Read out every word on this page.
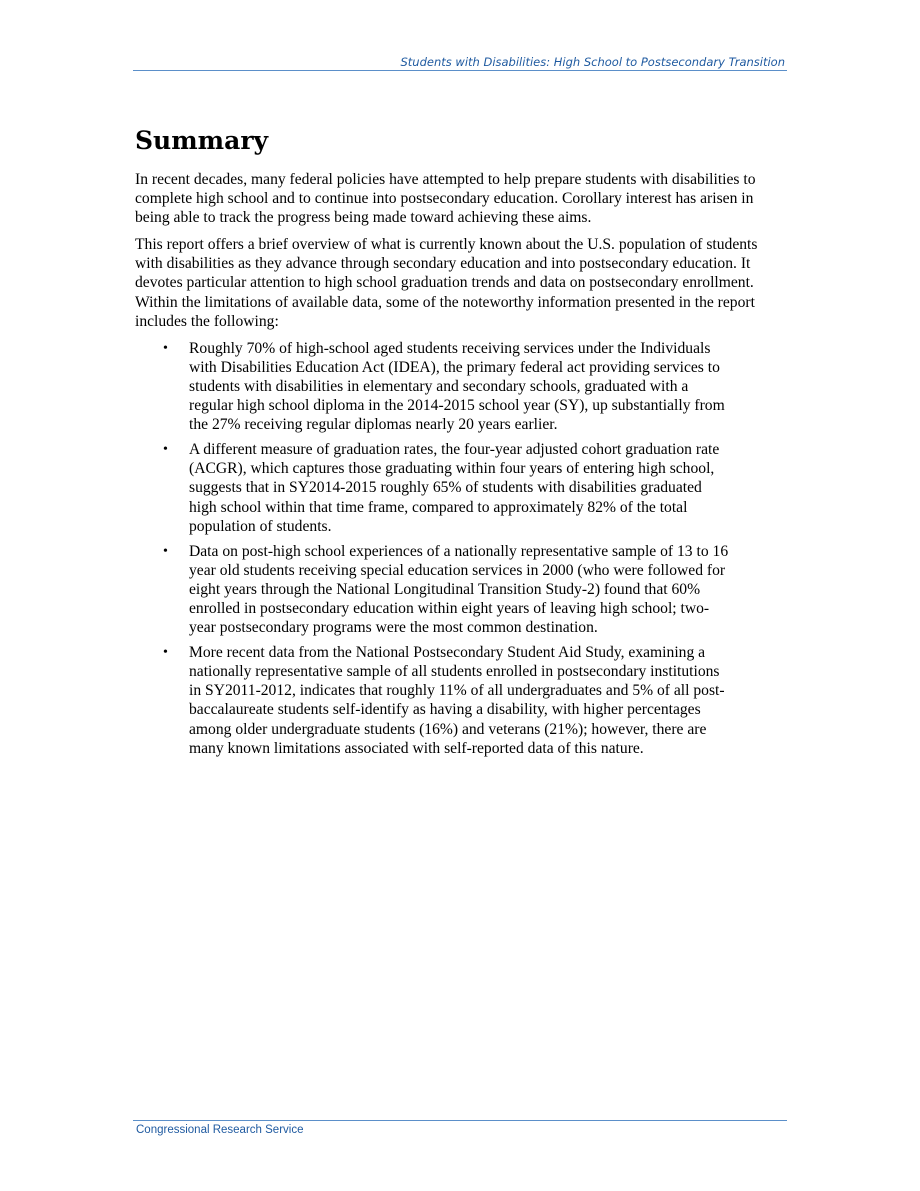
Students with Disabilities: High School to Postsecondary Transition
Summary

In recent decades, many federal policies have attempted to help prepare students with disabilities to complete high school and to continue into postsecondary education. Corollary interest has arisen in being able to track the progress being made toward achieving these aims.

This report offers a brief overview of what is currently known about the U.S. population of students with disabilities as they advance through secondary education and into postsecondary education. It devotes particular attention to high school graduation trends and data on postsecondary enrollment. Within the limitations of available data, some of the noteworthy information presented in the report includes the following:

• Roughly 70% of high-school aged students receiving services under the Individuals with Disabilities Education Act (IDEA), the primary federal act providing services to students with disabilities in elementary and secondary schools, graduated with a regular high school diploma in the 2014-2015 school year (SY), up substantially from the 27% receiving regular diplomas nearly 20 years earlier.
• A different measure of graduation rates, the four-year adjusted cohort graduation rate (ACGR), which captures those graduating within four years of entering high school, suggests that in SY2014-2015 roughly 65% of students with disabilities graduated high school within that time frame, compared to approximately 82% of the total population of students.
• Data on post-high school experiences of a nationally representative sample of 13 to 16 year old students receiving special education services in 2000 (who were followed for eight years through the National Longitudinal Transition Study-2) found that 60% enrolled in postsecondary education within eight years of leaving high school; two-year postsecondary programs were the most common destination.
• More recent data from the National Postsecondary Student Aid Study, examining a nationally representative sample of all students enrolled in postsecondary institutions in SY2011-2012, indicates that roughly 11% of all undergraduates and 5% of all post-baccalaureate students self-identify as having a disability, with higher percentages among older undergraduate students (16%) and veterans (21%); however, there are many known limitations associated with self-reported data of this nature.
Congressional Research Service
